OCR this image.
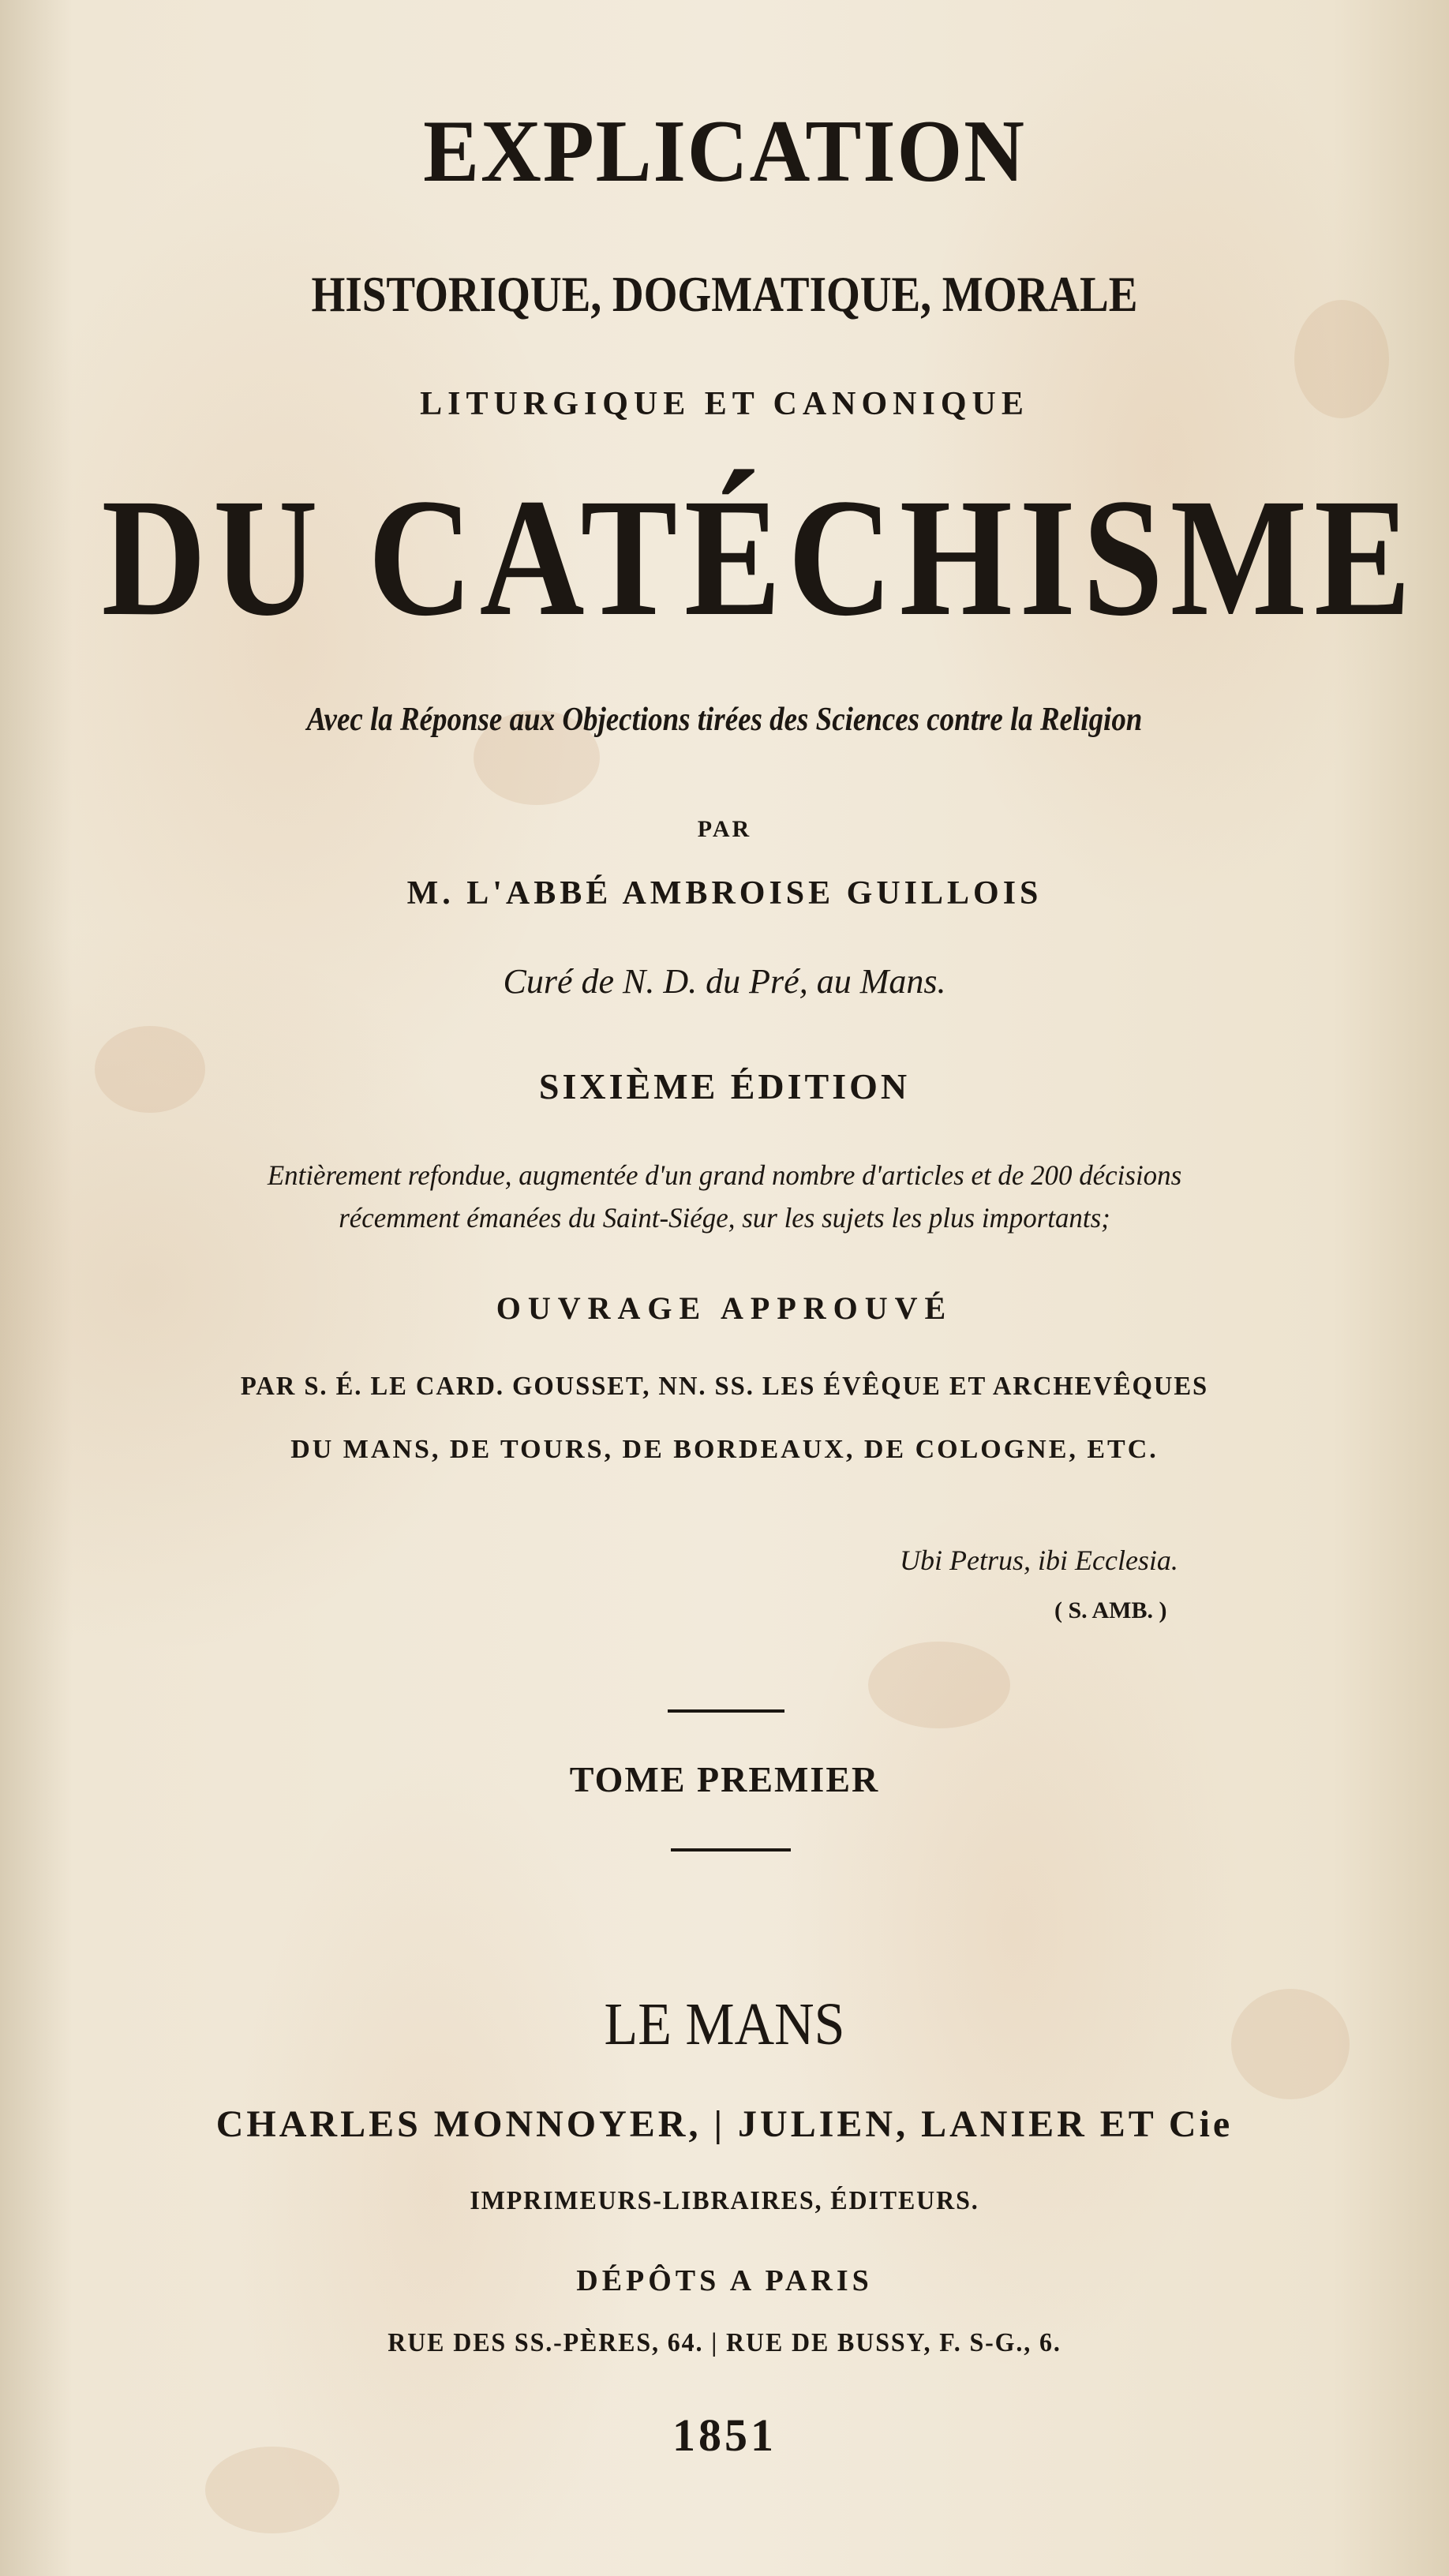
EXPLICATION

HISTORIQUE, DOGMATIQUE, MORALE

LITURGIQUE ET CANONIQUE

DU CATÉCHISME

Avec la Réponse aux Objections tirées des Sciences contre la Religion

PAR

M. L'ABBÉ AMBROISE GUILLOIS

Curé de N. D. du Pré, au Mans.

SIXIÈME ÉDITION

Entièrement refondue, augmentée d'un grand nombre d'articles et de 200 décisions

récemment émanées du Saint-Siége, sur les sujets les plus importants;

OUVRAGE APPROUVÉ

PAR S. É. LE CARD. GOUSSET, NN. SS. LES ÉVÊQUE ET ARCHEVÊQUES

DU MANS, DE TOURS, DE BORDEAUX, DE COLOGNE, ETC.

Ubi Petrus, ibi Ecclesia.

( S. AMB. )

TOME PREMIER

LE MANS

CHARLES MONNOYER, | JULIEN, LANIER ET Cie

IMPRIMEURS-LIBRAIRES, ÉDITEURS.

DÉPÔTS A PARIS

RUE DES SS.-PÈRES, 64. | RUE DE BUSSY, F. S-G., 6.

1851
